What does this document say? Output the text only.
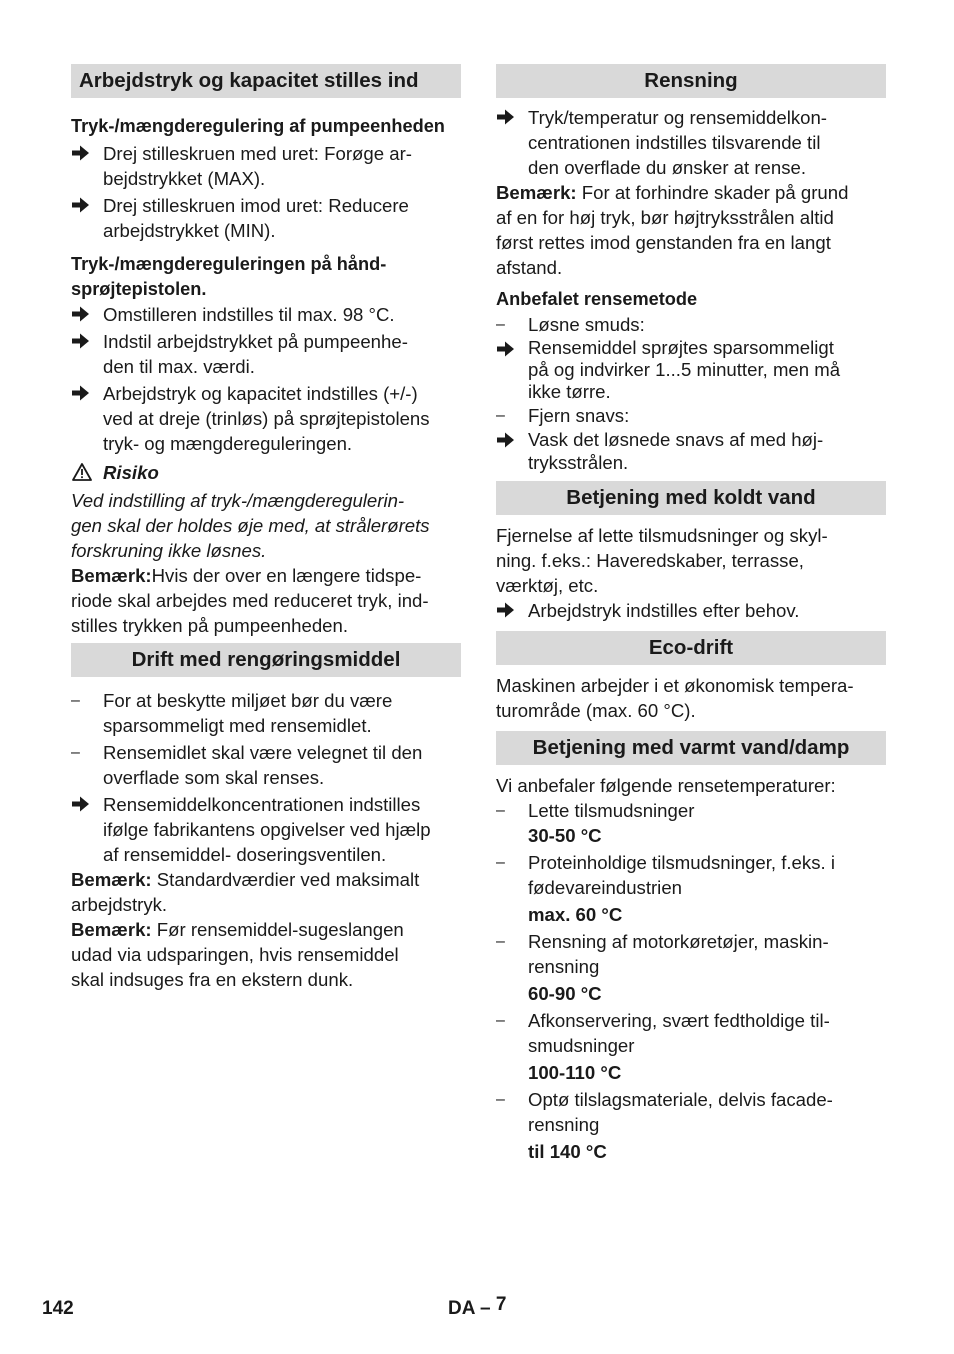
Arbejdstryk og kapacitet stilles ind
Tryk-/mængderegulering af pumpeenheden
Drej stilleskruen med uret: Forøge ar-
bejdstrykket (MAX).
Drej stilleskruen imod uret: Reducere
arbejdstrykket (MIN).
Tryk-/mængdereguleringen på hånd-
sprøjtepistolen.
Omstilleren indstilles til max. 98 °C.
Indstil arbejdstrykket på pumpeenhe-
den til max. værdi.
Arbejdstryk og kapacitet indstilles (+/-)
ved at dreje (trinløs) på sprøjtepistolens
tryk- og mængdereguleringen.
Risiko
Ved indstilling af tryk-/mængderegulerin-
gen skal der holdes øje med, at strålerørets
forskruning ikke løsnes.
Bemærk:Hvis der over en længere tidspe-
riode skal arbejdes med reduceret tryk, ind-
stilles trykken på pumpeenheden.
Drift med rengøringsmiddel
– For at beskytte miljøet bør du være
sparsommeligt med rensemidlet.
– Rensemidlet skal være velegnet til den
overflade som skal renses.
Rensemiddelkoncentrationen indstilles
ifølge fabrikantens opgivelser ved hjælp
af rensemiddel- doseringsventilen.
Bemærk: Standardværdier ved maksimalt
arbejdstryk.
Bemærk: Før rensemiddel-sugeslangen
udad via udsparingen, hvis rensemiddel
skal indsuges fra en ekstern dunk.
Rensning
Tryk/temperatur og rensemiddelkon-
centrationen indstilles tilsvarende til
den overflade du ønsker at rense.
Bemærk: For at forhindre skader på grund
af en for høj tryk, bør højtryksstrålen altid
først rettes imod genstanden fra en langt
afstand.
Anbefalet rensemetode
– Løsne smuds:
Rensemiddel sprøjtes sparsommeligt
på og indvirker 1...5 minutter, men må
ikke tørre.
– Fjern snavs:
Vask det løsnede snavs af med høj-
tryksstrålen.
Betjening med koldt vand
Fjernelse af lette tilsmudsninger og skyl-
ning. f.eks.: Haveredskaber, terrasse,
værktøj, etc.
Arbejdstryk indstilles efter behov.
Eco-drift
Maskinen arbejder i et økonomisk tempera-
turområde (max. 60 °C).
Betjening med varmt vand/damp
Vi anbefaler følgende rensetemperaturer:
– Lette tilsmudsninger
30-50 °C
– Proteinholdige tilsmudsninger, f.eks. i
fødevareindustrien
max. 60 °C
– Rensning af motorkøretøjer, maskin-
rensning
60-90 °C
– Afkonservering, svært fedtholdige til-
smudsninger
100-110 °C
– Optø tilslagsmateriale, delvis facade-
rensning
til 140 °C
142	DA – 7
